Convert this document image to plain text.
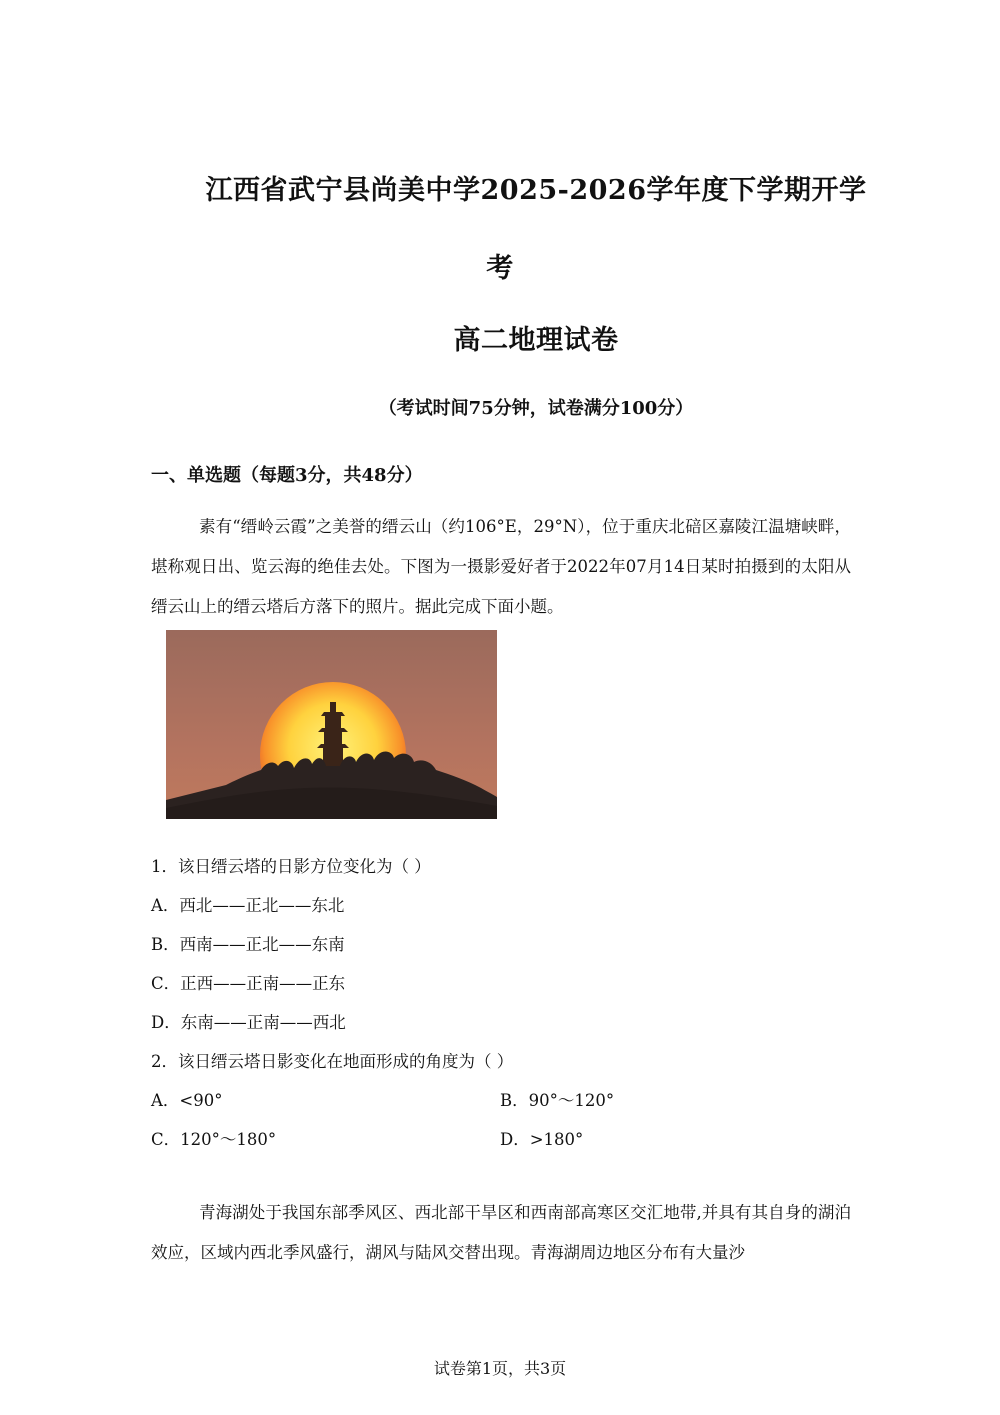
江西省武宁县尚美中学2025-2026学年度下学期开学
考
高二地理试卷
（考试时间75分钟，试卷满分100分）
一、单选题（每题3分，共48分）
素有“缙岭云霞”之美誉的缙云山（约106°E，29°N），位于重庆北碚区嘉陵江温塘峡畔，堪称观日出、览云海的绝佳去处。下图为一摄影爱好者于2022年07月14日某时拍摄到的太阳从缙云山上的缙云塔后方落下的照片。据此完成下面小题。
1．该日缙云塔的日影方位变化为（ ）
A．西北——正北——东北
B．西南——正北——东南
C．正西——正南——正东
D．东南——正南——西北
2．该日缙云塔日影变化在地面形成的角度为（ ）
A．<90°	B．90°～120°
C．120°～180°	D．>180°
青海湖处于我国东部季风区、西北部干旱区和西南部高寒区交汇地带,并具有其自身的湖泊效应，区域内西北季风盛行，湖风与陆风交替出现。青海湖周边地区分布有大量沙
试卷第1页，共3页
